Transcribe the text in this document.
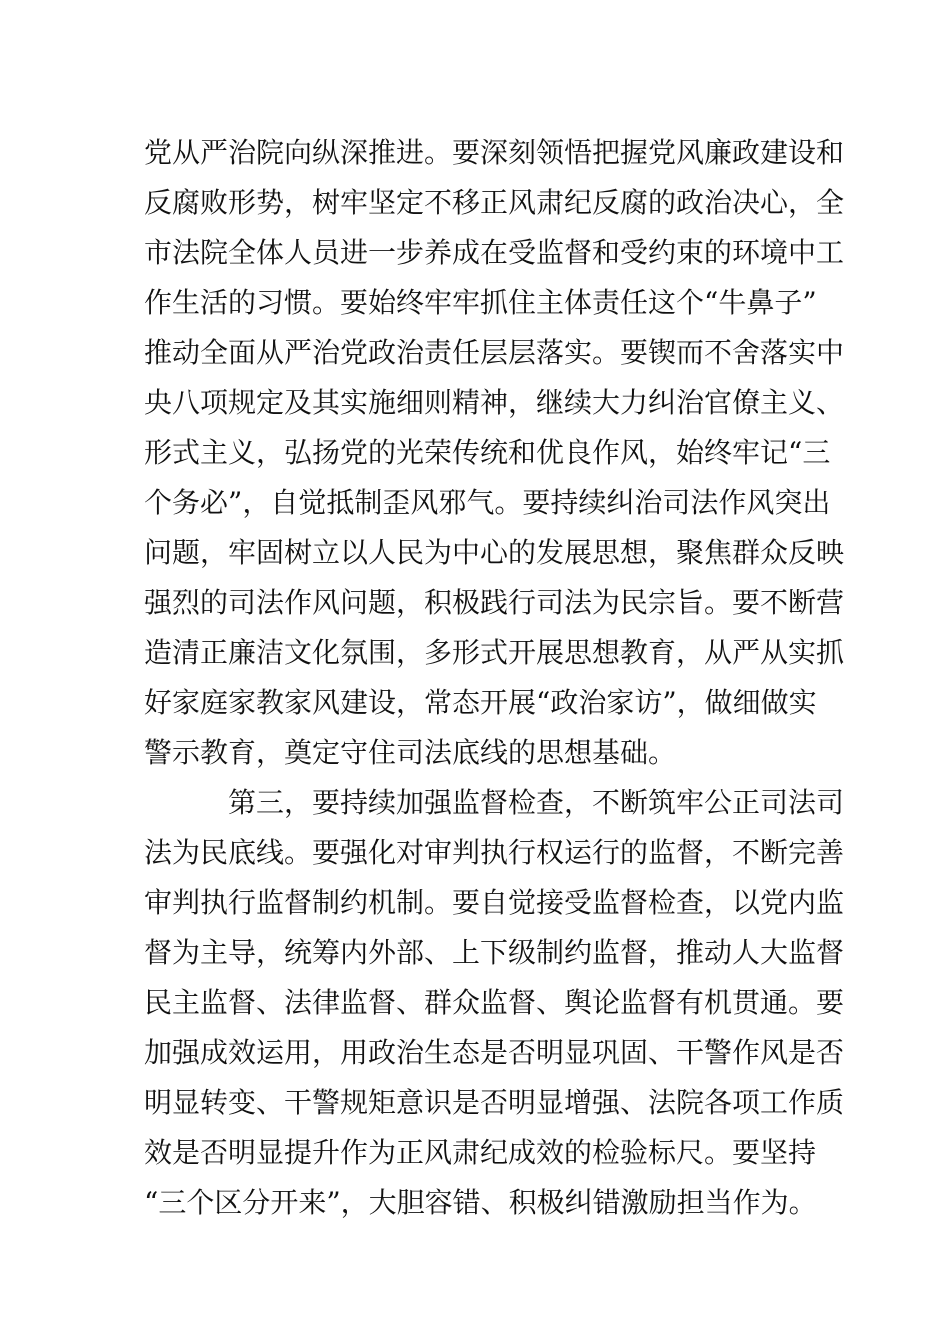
党从严治院向纵深推进。要深刻领悟把握党风廉政建设和
反腐败形势，树牢坚定不移正风肃纪反腐的政治决心，全
市法院全体人员进一步养成在受监督和受约束的环境中工
作生活的习惯。要始终牢牢抓住主体责任这个“牛鼻子”
推动全面从严治党政治责任层层落实。要锲而不舍落实中
央八项规定及其实施细则精神，继续大力纠治官僚主义、
形式主义，弘扬党的光荣传统和优良作风，始终牢记“三
个务必”，自觉抵制歪风邪气。要持续纠治司法作风突出
问题，牢固树立以人民为中心的发展思想，聚焦群众反映
强烈的司法作风问题，积极践行司法为民宗旨。要不断营
造清正廉洁文化氛围，多形式开展思想教育，从严从实抓
好家庭家教家风建设，常态开展“政治家访”，做细做实
警示教育，奠定守住司法底线的思想基础。
第三，要持续加强监督检查，不断筑牢公正司法司
法为民底线。要强化对审判执行权运行的监督，不断完善
审判执行监督制约机制。要自觉接受监督检查，以党内监
督为主导，统筹内外部、上下级制约监督，推动人大监督
民主监督、法律监督、群众监督、舆论监督有机贯通。要
加强成效运用，用政治生态是否明显巩固、干警作风是否
明显转变、干警规矩意识是否明显增强、法院各项工作质
效是否明显提升作为正风肃纪成效的检验标尺。要坚持
“三个区分开来”，大胆容错、积极纠错激励担当作为。
